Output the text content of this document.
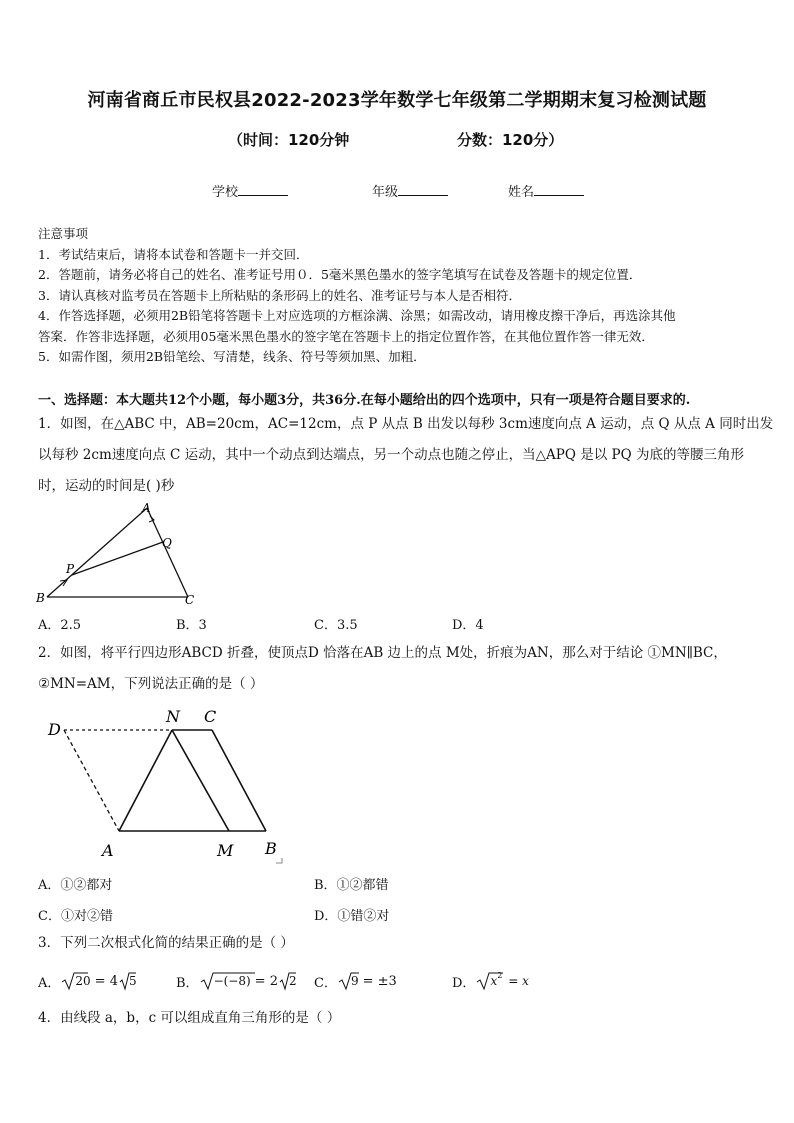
河南省商丘市民权县2022-2023学年数学七年级第二学期期末复习检测试题
（时间：120分钟	分数：120分）
学校	年级	姓名
注意事项
1．考试结束后，请将本试卷和答题卡一并交回．
2．答题前，请务必将自己的姓名、准考证号用０．5毫米黑色墨水的签字笔填写在试卷及答题卡的规定位置．
3．请认真核对监考员在答题卡上所粘贴的条形码上的姓名、准考证号与本人是否相符．
4．作答选择题，必须用2B铅笔将答题卡上对应选项的方框涂满、涂黑；如需改动，请用橡皮擦干净后，再选涂其他
答案．作答非选择题，必须用05毫米黑色墨水的签字笔在答题卡上的指定位置作答，在其他位置作答一律无效．
5．如需作图，须用2B铅笔绘、写清楚，线条、符号等须加黑、加粗．
一、选择题：本大题共12个小题，每小题3分，共36分.在每小题给出的四个选项中，只有一项是符合题目要求的.
1．如图，在△ABC 中，AB=20cm，AC=12cm，点 P 从点 B 出发以每秒 3cm速度向点 A 运动，点 Q 从点 A 同时出发
以每秒 2cm速度向点 C 运动，其中一个动点到达端点，另一个动点也随之停止，当△APQ 是以 PQ 为底的等腰三角形
时，运动的时间是( )秒
A
B	C
P
Q
A．2.5	B．3	C．3.5	D．4
2．如图，将平行四边形ABCD 折叠，使顶点D 恰落在AB 边上的点 M处，折痕为AN，那么对于结论 ①MN∥BC，
②MN=AM，下列说法正确的是（ ）
D
N C
A	M B
A．①②都对	B．①②都错
C．①对②错	D．①错②对
3．下列二次根式化简的结果正确的是（ ）
A． 20 = 4 5	B． −(−8) = 2 2 C． 9 = ±3	D． x 2 = x
4．由线段 a，b，c 可以组成直角三角形的是（ ）
